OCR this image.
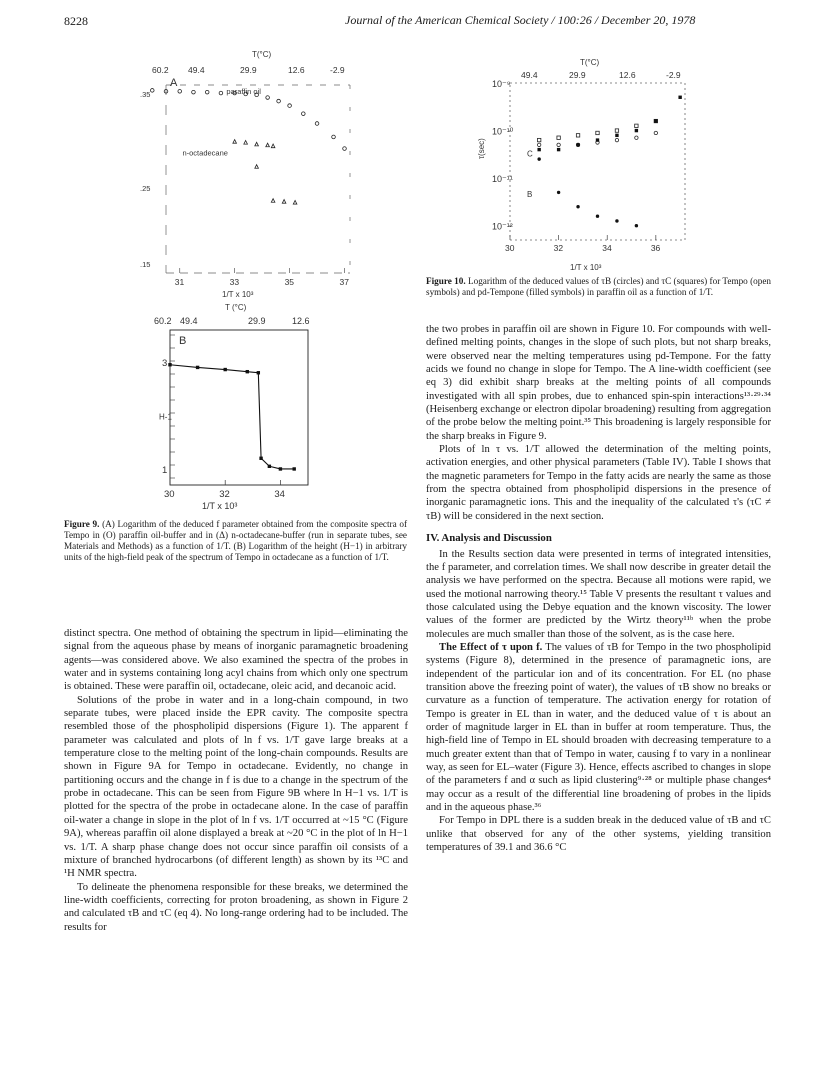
8228	Journal of the American Chemical Society / 100:26 / December 20, 1978
T(°C)
60.2 49.4	29.9	12.6	-2.9
A
.35
.25
.15
31	33	35	37
1/T x 10³
paraffin oil
n-octadecane
T (°C)
60.2 49.4	29.9	12.6
B
3
1
H-1
30	32	34
1/T x 10³
T(°C)
49.4	29.9	12.6	-2.9
10⁻⁹
10⁻¹⁰
10⁻¹¹
10⁻¹²
τ(sec)
30	32	34	36
1/T x 10³
B
C
Figure 9. (A) Logarithm of the deduced f parameter obtained from the composite spectra of Tempo in (O) paraffin oil-buffer and in (Δ) n-octadecane-buffer (run in separate tubes, see Materials and Methods) as a function of 1/T. (B) Logarithm of the height (H−1) in arbitrary units of the high-field peak of the spectrum of Tempo in octadecane as a function of 1/T.
Figure 10. Logarithm of the deduced values of τB (circles) and τC (squares) for Tempo (open symbols) and pd-Tempone (filled symbols) in paraffin oil as a function of 1/T.

distinct spectra. One method of obtaining the spectrum in lipid—eliminating the signal from the aqueous phase by means of inorganic paramagnetic broadening agents—was considered above. We also examined the spectra of the probes in water and in systems containing long acyl chains from which only one spectrum is obtained. These were paraffin oil, octadecane, oleic acid, and decanoic acid.

Solutions of the probe in water and in a long-chain compound, in two separate tubes, were placed inside the EPR cavity. The composite spectra resembled those of the phospholipid dispersions (Figure 1). The apparent f parameter was calculated and plots of ln f vs. 1/T gave large breaks at a temperature close to the melting point of the long-chain compounds. Results are shown in Figure 9A for Tempo in octadecane. Evidently, no change in partitioning occurs and the change in f is due to a change in the spectrum of the probe in octadecane. This can be seen from Figure 9B where ln H−1 vs. 1/T is plotted for the spectra of the probe in octadecane alone. In the case of paraffin oil-water a change in slope in the plot of ln f vs. 1/T occurred at ~15 °C (Figure 9A), whereas paraffin oil alone displayed a break at ~20 °C in the plot of ln H−1 vs. 1/T. A sharp phase change does not occur since paraffin oil consists of a mixture of branched hydrocarbons (of different length) as shown by its ¹³C and ¹H NMR spectra.

To delineate the phenomena responsible for these breaks, we determined the line-width coefficients, correcting for proton broadening, as shown in Figure 2 and calculated τB and τC (eq 4). No long-range ordering had to be included. The results for

the two probes in paraffin oil are shown in Figure 10. For compounds with well-defined melting points, changes in the slope of such plots, but not sharp breaks, were observed near the melting temperatures using pd-Tempone. For the fatty acids we found no change in slope for Tempo. The A line-width coefficient (see eq 3) did exhibit sharp breaks at the melting points of all compounds investigated with all spin probes, due to enhanced spin-spin interactions¹³·²⁹·³⁴ (Heisenberg exchange or electron dipolar broadening) resulting from aggregation of the probe below the melting point.³⁵ This broadening is largely responsible for the sharp breaks in Figure 9.

Plots of ln τ vs. 1/T allowed the determination of the melting points, activation energies, and other physical parameters (Table IV). Table I shows that the magnetic parameters for Tempo in the fatty acids are nearly the same as those from the spectra obtained from phospholipid dispersions in the presence of inorganic paramagnetic ions. This and the inequality of the calculated τ's (τC ≠ τB) will be considered in the next section.

IV. Analysis and Discussion

In the Results section data were presented in terms of integrated intensities, the f parameter, and correlation times. We shall now describe in greater detail the analysis we have performed on the spectra. Because all motions were rapid, we used the motional narrowing theory.¹⁵ Table V presents the resultant τ values and those calculated using the Debye equation and the known viscosity. The lower values of the former are predicted by the Wirtz theory¹¹ᵇ when the probe molecules are much smaller than those of the solvent, as is the case here.

The Effect of τ upon f. The values of τB for Tempo in the two phospholipid systems (Figure 8), determined in the presence of paramagnetic ions, are independent of the particular ion and of its concentration. For EL (no phase transition above the freezing point of water), the values of τB show no breaks or curvature as a function of temperature. The activation energy for rotation of Tempo is greater in EL than in water, and the deduced value of τ is about an order of magnitude larger in EL than in buffer at room temperature. Thus, the high-field line of Tempo in EL should broaden with decreasing temperature to a much greater extent than that of Tempo in water, causing f to vary in a nonlinear way, as seen for EL–water (Figure 3). Hence, effects ascribed to changes in slope of the parameters f and α such as lipid clustering⁹·²⁸ or multiple phase changes⁴ may occur as a result of the differential line broadening of probes in the lipids and in the aqueous phase.³⁶

For Tempo in DPL there is a sudden break in the deduced value of τB and τC unlike that observed for any of the other systems, yielding transition temperatures of 39.1 and 36.6 °C
